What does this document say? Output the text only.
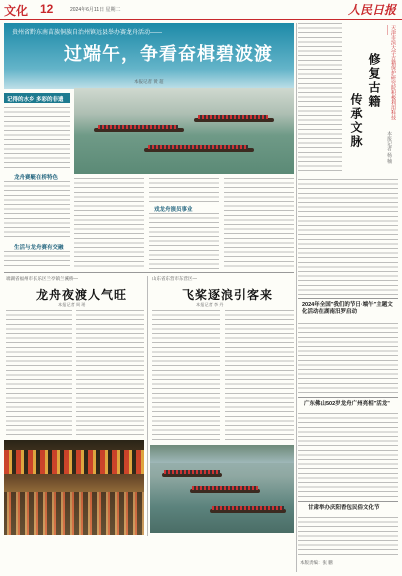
文化 12	2024年6月11日 星期二	人民日报
贵州省黔东南苗族侗族自治州镇远县举办赛龙舟活动——
过端午，争看奋楫碧波渡
本报记者 黄 超
记得的水乡 多彩的非遗
龙舟赛艇在桥特色
生活与龙舟赛有交融
戏龙舟演员事业
端湖省福州市长乐区兰亭镇兰溪桥—
龙舟夜渡人气旺
本报记者 周 瑶
山东省东营市东营区—
飞桨逐浪引客来
本报记者 李 丹
天津市滨大学古籍保护研究院积极利用科技——
修复古籍
传承文脉	本报记者 杨 楠
2024年全国"我们的节日·端午"主题文化活动在湖南汨罗启动
广东佛山502岁龙舟广州亮相"活龙"
甘肃举办庆阳香包民俗文化节
本版责编：张 鹏
